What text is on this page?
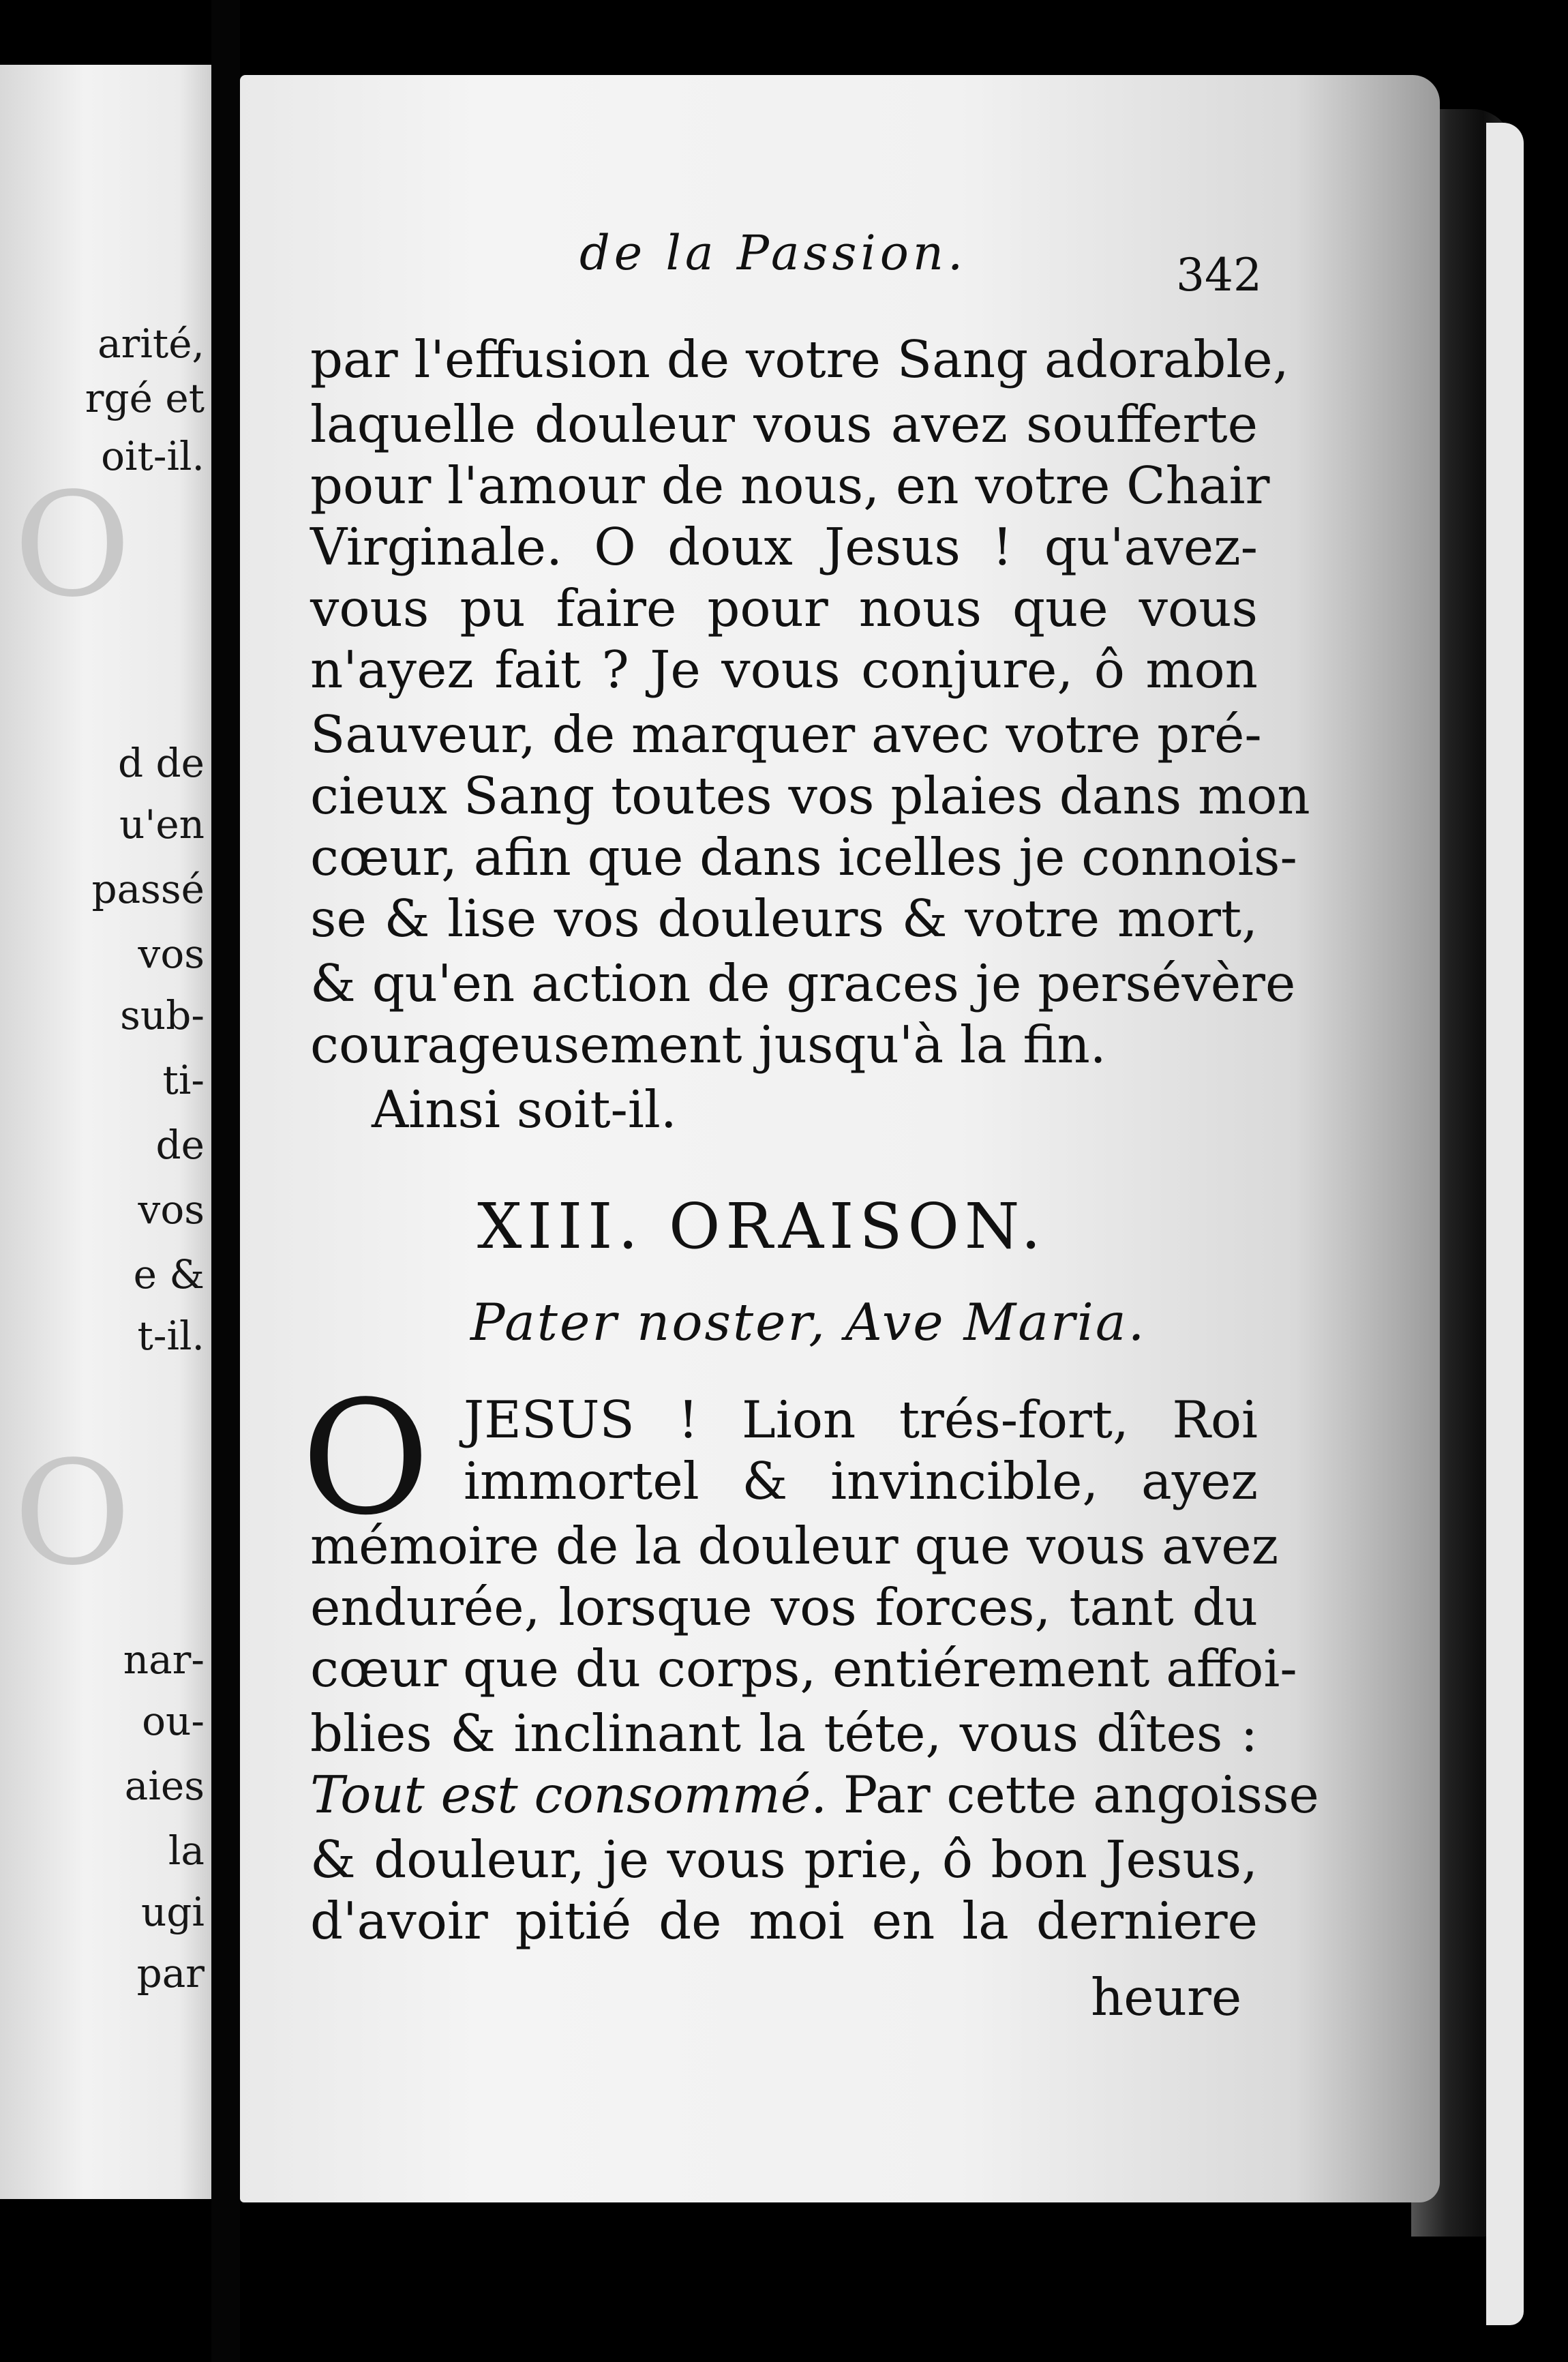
O
O
arité,
rgé et
oit-il.
d de
u'en
passé
vos
sub-
ti-
de
vos
e &
t-il.
nar-
ou-
aies
la
ugi
par
de la Passion.	342
par l'effusion de votre Sang adorable,
laquelle douleur vous avez soufferte
pour l'amour de nous, en votre Chair
Virginale. O doux Jesus ! qu'avez-
vous pu faire pour nous que vous
n'ayez fait ? Je vous conjure, ô mon
Sauveur, de marquer avec votre pré-
cieux Sang toutes vos plaies dans mon
cœur, afin que dans icelles je connois-
se & lise vos douleurs & votre mort,
& qu'en action de graces je persévère
courageusement jusqu'à la fin.
Ainsi soit-il.
XIII. ORAISON.
Pater noster, Ave Maria.
O JESUS ! Lion trés-fort, Roi
immortel & invincible, ayez
mémoire de la douleur que vous avez
endurée, lorsque vos forces, tant du
cœur que du corps, entiérement affoi-
blies & inclinant la téte, vous dîtes :
Tout est consommé. Par cette angoisse
& douleur, je vous prie, ô bon Jesus,
d'avoir pitié de moi en la derniere
heure
